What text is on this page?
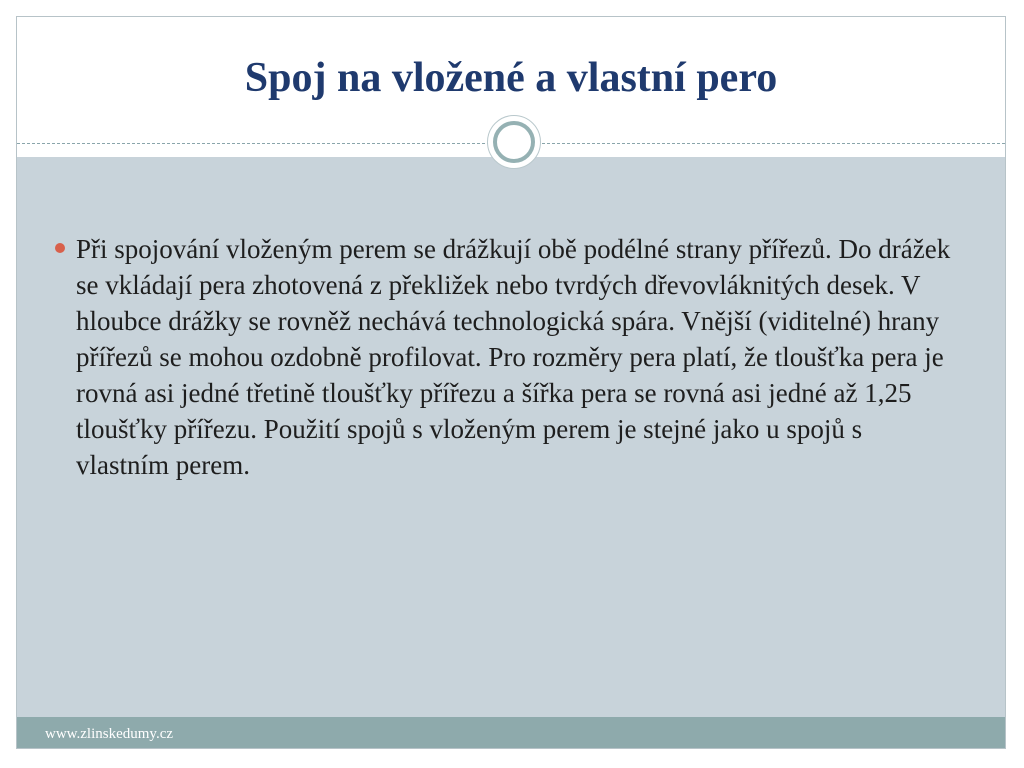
Spoj na vložené a vlastní pero
Při spojování vloženým perem se drážkují obě podélné strany přířezů. Do drážek se vkládají pera zhotovená z překližek nebo tvrdých dřevovláknitých desek. V hloubce drážky se rovněž nechává technologická spára. Vnější (viditelné) hrany přířezů se mohou ozdobně profilovat. Pro rozměry pera platí, že tloušťka pera je rovná asi jedné třetině tloušťky přířezu a šířka pera se rovná asi jedné až 1,25 tloušťky přířezu. Použití spojů s vloženým perem je stejné jako u spojů s vlastním perem.
www.zlinskedumy.cz
